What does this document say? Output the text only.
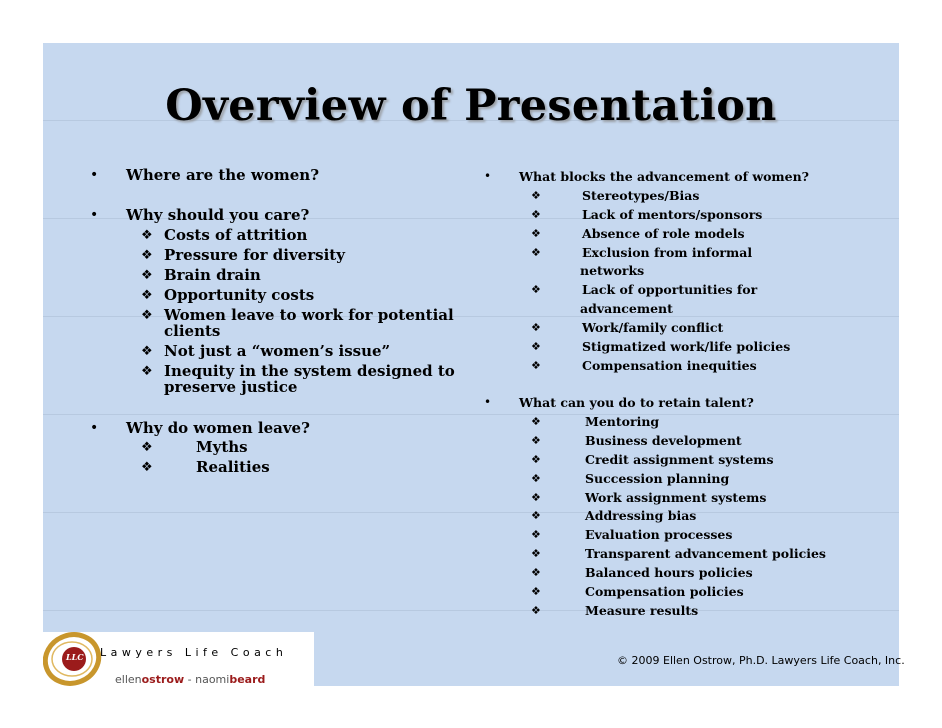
Overview of Presentation
• Where are the women?
• Why should you care?
❖ Costs of attrition
❖ Pressure for diversity
❖ Brain drain
❖ Opportunity costs
❖ Women leave to work for potential
clients
❖ Not just a “women’s issue”
❖ Inequity in the system designed to
preserve justice
• Why do women leave?
❖	Myths
❖	Realities
• What blocks the advancement of women?
❖	Stereotypes/Bias
❖	Lack of mentors/sponsors
❖	Absence of role models
❖	Exclusion from informal
networks
❖	Lack of opportunities for
advancement
❖	Work/family conflict
❖	Stigmatized work/life policies
❖	Compensation inequities
• What can you do to retain talent?
❖	Mentoring
❖	Business development
❖	Credit assignment systems
❖	Succession planning
❖	Work assignment systems
❖	Addressing bias
❖	Evaluation processes
❖	Transparent advancement policies
❖	Balanced hours policies
❖	Compensation policies
❖	Measure results
LLC L a w y e r s   L i f e   C o a c h

ellenostrow - naomibeard

© 2009 Ellen Ostrow, Ph.D. Lawyers Life Coach, Inc.
